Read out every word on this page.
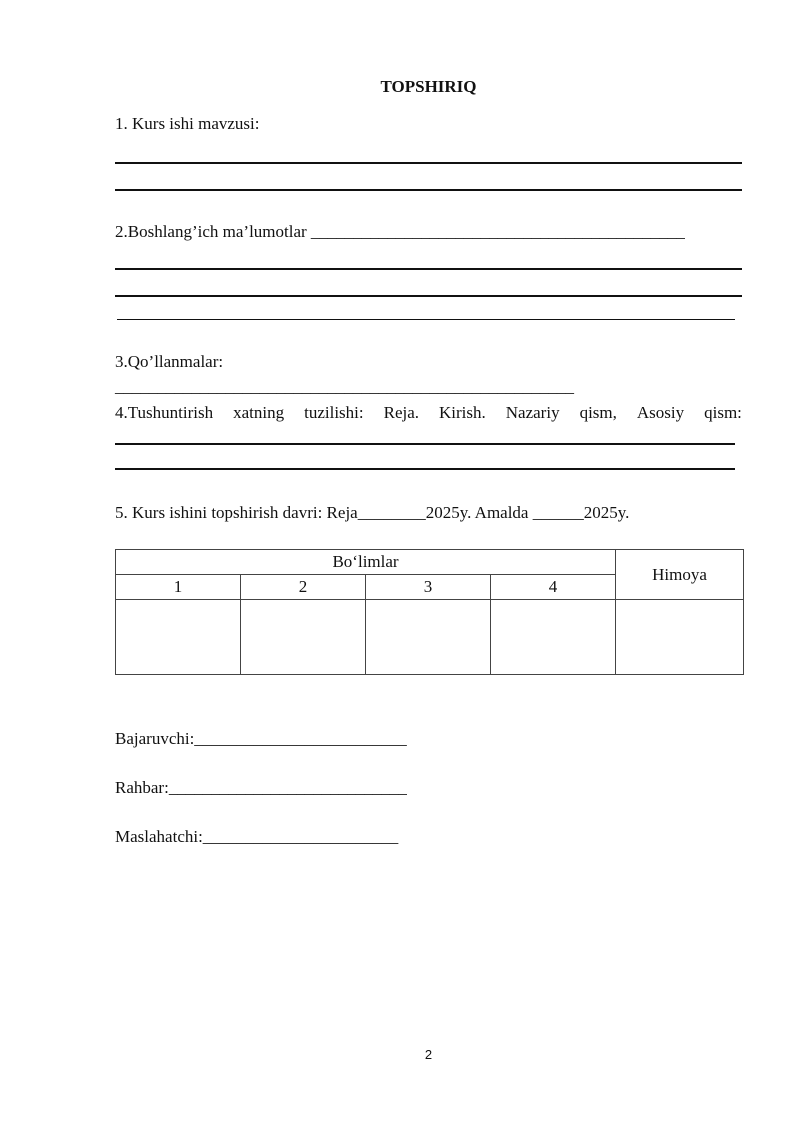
TOPSHIRIQ
1. Kurs ishi mavzusi:
2.Boshlang’ich ma’lumotlar ____________________________________________
3.Qo’llanmalar:
______________________________________________________
4.Tushuntirish xatning tuzilishi: Reja. Kirish. Nazariy qism, Asosiy qism:
5. Kurs ishini topshirish davri: Reja________2025y. Amalda ______2025y.
Bo‘limlar				Himoya
1	2	3	4	

Bajaruvchi:_________________________
Rahbar:____________________________
Maslahatchi:_______________________
2
